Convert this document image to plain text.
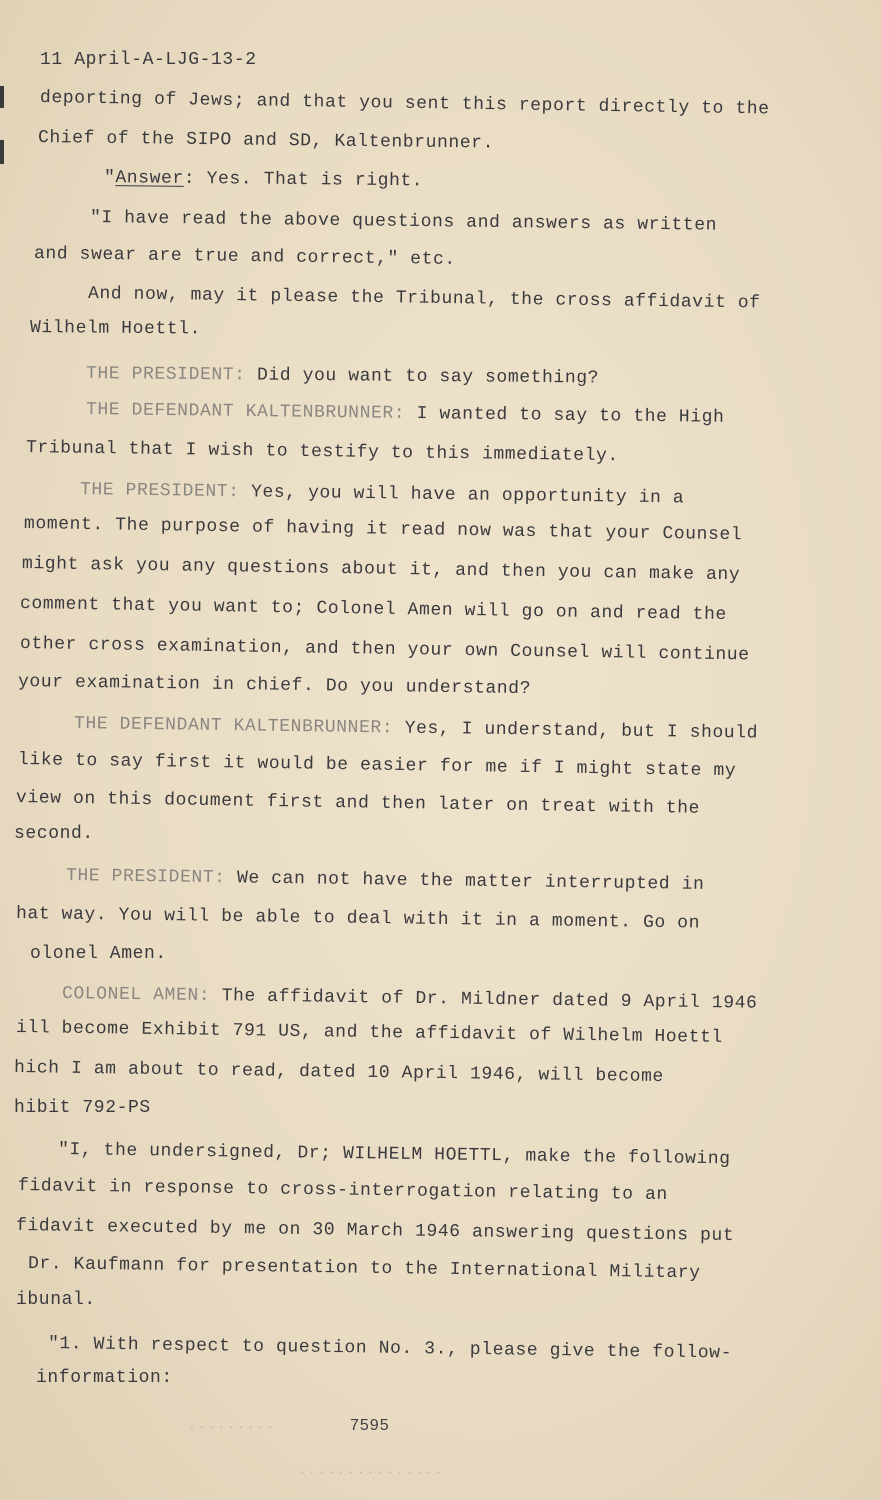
11 April-A-LJG-13-2
deporting of Jews; and that you sent this report directly to the
Chief of the SIPO and SD, Kaltenbrunner.
"Answer: Yes. That is right.
"I have read the above questions and answers as written
and swear are true and correct," etc.
And now, may it please the Tribunal, the cross affidavit of
Wilhelm Hoettl.
THE PRESIDENT: Did you want to say something?
THE DEFENDANT KALTENBRUNNER: I wanted to say to the High
Tribunal that I wish to testify to this immediately.
THE PRESIDENT: Yes, you will have an opportunity in a
moment. The purpose of having it read now was that your Counsel
might ask you any questions about it, and then you can make any
comment that you want to; Colonel Amen will go on and read the
other cross examination, and then your own Counsel will continue
your examination in chief. Do you understand?
THE DEFENDANT KALTENBRUNNER: Yes, I understand, but I should
like to say first it would be easier for me if I might state my
view on this document first and then later on treat with the
second.
THE PRESIDENT: We can not have the matter interrupted in
hat way. You will be able to deal with it in a moment. Go on
olonel Amen.
COLONEL AMEN: The affidavit of Dr. Mildner dated 9 April 1946
ill become Exhibit 791 US, and the affidavit of Wilhelm Hoettl
hich I am about to read, dated 10 April 1946, will become
hibit 792-PS
"I, the undersigned, Dr; WILHELM HOETTL, make the following
fidavit in response to cross-interrogation relating to an
fidavit executed by me on 30 March 1946 answering questions put
Dr. Kaufmann for presentation to the International Military
ibunal.
"1. With respect to question No. 3., please give the follow-
information:
. . . . . . . . .	7595
. . . . . . . . . . . . . . .
